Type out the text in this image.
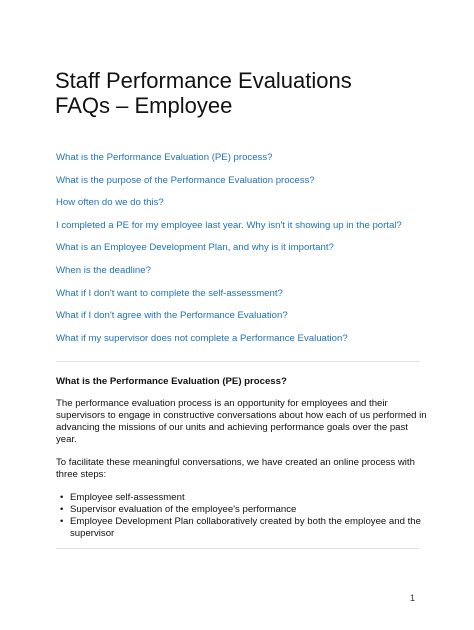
Staff Performance Evaluations
FAQs – Employee
What is the Performance Evaluation (PE) process?
What is the purpose of the Performance Evaluation process?
How often do we do this?
I completed a PE for my employee last year. Why isn't it showing up in the portal?
What is an Employee Development Plan, and why is it important?
When is the deadline?
What if I don't want to complete the self-assessment?
What if I don't agree with the Performance Evaluation?
What if my supervisor does not complete a Performance Evaluation?
What is the Performance Evaluation (PE) process?

The performance evaluation process is an opportunity for employees and their
supervisors to engage in constructive conversations about how each of us performed in
advancing the missions of our units and achieving performance goals over the past
year.

To facilitate these meaningful conversations, we have created an online process with
three steps:

• Employee self-assessment
• Supervisor evaluation of the employee's performance
• Employee Development Plan collaboratively created by both the employee and the
supervisor
1
